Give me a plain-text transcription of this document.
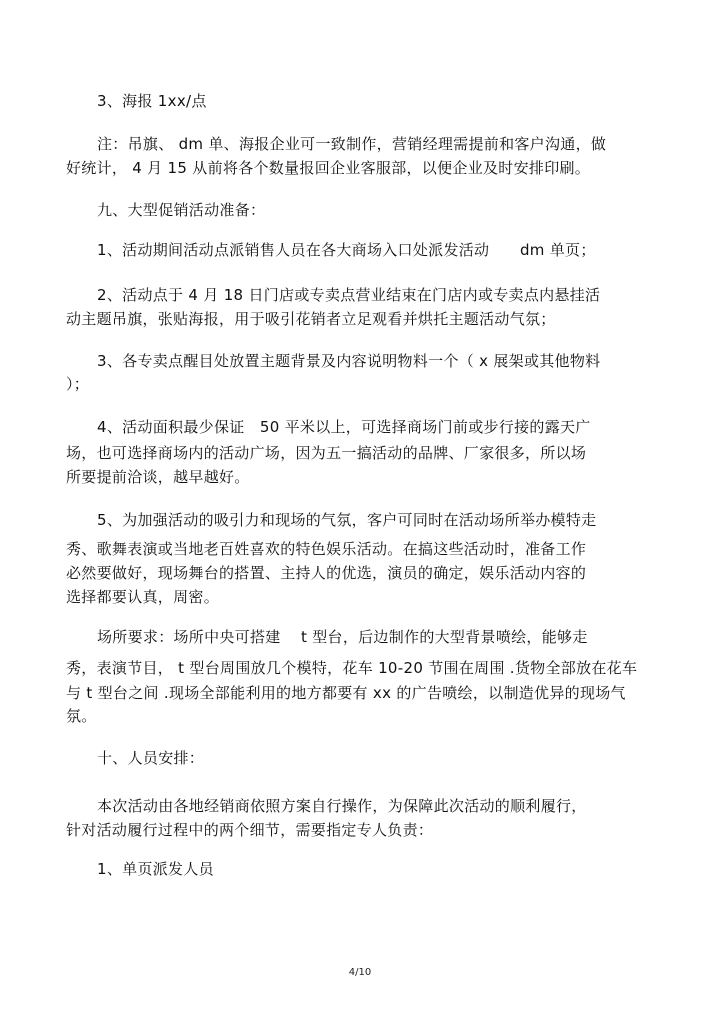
3、海报 1xx/点
注：吊旗、 dm 单、海报企业可一致制作，营销经理需提前和客户沟通，做
好统计， 4 月 15 从前将各个数量报回企业客服部，以便企业及时安排印刷。
九、大型促销活动准备：
1、活动期间活动点派销售人员在各大商场入口处派发活动　　dm 单页；
2、活动点于 4 月 18 日门店或专卖点营业结束在门店内或专卖点内悬挂活
动主题吊旗，张贴海报，用于吸引花销者立足观看并烘托主题活动气氛；
3、各专卖点醒目处放置主题背景及内容说明物料一个（ x 展架或其他物料
）；
4、活动面积最少保证　50 平米以上，可选择商场门前或步行接的露天广
场，也可选择商场内的活动广场，因为五一搞活动的品牌、厂家很多，所以场
所要提前洽谈，越早越好。
5、为加强活动的吸引力和现场的气氛，客户可同时在活动场所举办模特走
秀、歌舞表演或当地老百姓喜欢的特色娱乐活动。在搞这些活动时，准备工作
必然要做好，现场舞台的搭置、主持人的优选，演员的确定，娱乐活动内容的
选择都要认真，周密。
场所要求：场所中央可搭建　 t 型台，后边制作的大型背景喷绘，能够走
秀，表演节目， t 型台周围放几个模特，花车 10-20 节围在周围 .货物全部放在花车
与 t 型台之间 .现场全部能利用的地方都要有 xx 的广告喷绘，以制造优异的现场气
氛。
十、人员安排：
本次活动由各地经销商依照方案自行操作，为保障此次活动的顺利履行，
针对活动履行过程中的两个细节，需要指定专人负责：
1、单页派发人员
4/10
